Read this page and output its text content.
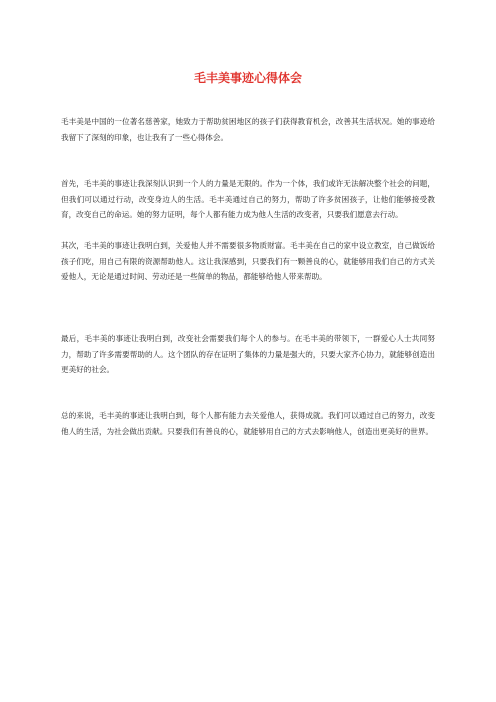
毛丰美事迹心得体会

毛丰美是中国的一位著名慈善家，她致力于帮助贫困地区的孩子们获得教育机会，改善其生活状况。她的事迹给我留下了深刻的印象，也让我有了一些心得体会。

首先，毛丰美的事迹让我深刻认识到一个人的力量是无限的。作为一个体，我们或许无法解决整个社会的问题，但我们可以通过行动，改变身边人的生活。毛丰美通过自己的努力，帮助了许多贫困孩子，让他们能够接受教育，改变自己的命运。她的努力证明，每个人都有能力成为他人生活的改变者，只要我们愿意去行动。

其次，毛丰美的事迹让我明白到，关爱他人并不需要很多物质财富。毛丰美在自己的家中设立教室，自己做饭给孩子们吃，用自己有限的资源帮助他人。这让我深感到，只要我们有一颗善良的心，就能够用我们自己的方式关爱他人，无论是通过时间、劳动还是一些简单的物品，都能够给他人带来帮助。

最后，毛丰美的事迹让我明白到，改变社会需要我们每个人的参与。在毛丰美的带领下，一群爱心人士共同努力，帮助了许多需要帮助的人。这个团队的存在证明了集体的力量是强大的，只要大家齐心协力，就能够创造出更美好的社会。

总的来说，毛丰美的事迹让我明白到，每个人都有能力去关爱他人，获得成就。我们可以通过自己的努力，改变他人的生活，为社会做出贡献。只要我们有善良的心，就能够用自己的方式去影响他人，创造出更美好的世界。
